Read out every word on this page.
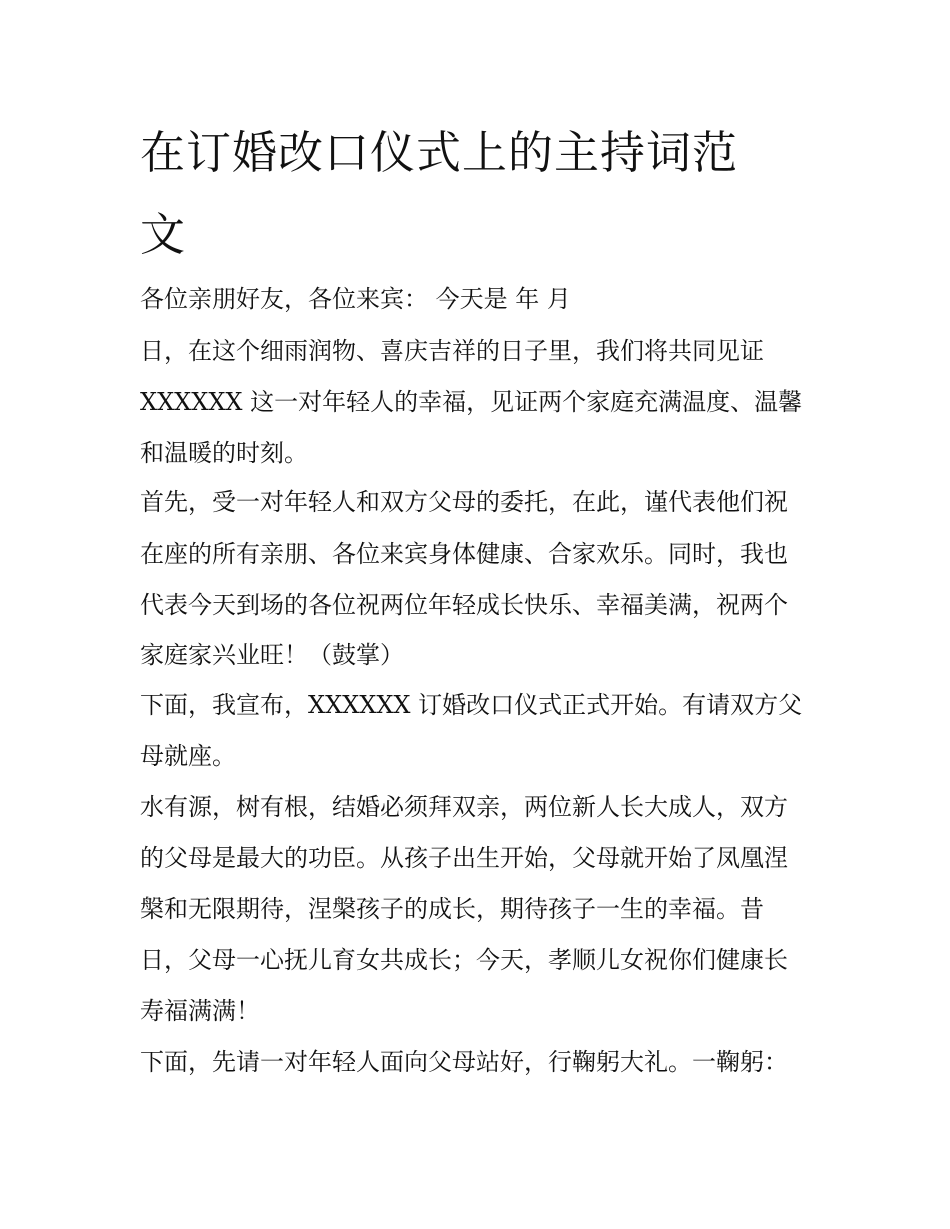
在订婚改口仪式上的主持词范
文

各位亲朋好友，各位来宾： 今天是 年 月

日，在这个细雨润物、喜庆吉祥的日子里，我们将共同见证

XXXXXX 这一对年轻人的幸福，见证两个家庭充满温度、温馨

和温暖的时刻。

首先，受一对年轻人和双方父母的委托，在此，谨代表他们祝

在座的所有亲朋、各位来宾身体健康、合家欢乐。同时，我也

代表今天到场的各位祝两位年轻成长快乐、幸福美满，祝两个

家庭家兴业旺！（鼓掌）

下面，我宣布，XXXXXX 订婚改口仪式正式开始。有请双方父

母就座。

水有源，树有根，结婚必须拜双亲，两位新人长大成人，双方

的父母是最大的功臣。从孩子出生开始，父母就开始了凤凰涅

槃和无限期待，涅槃孩子的成长，期待孩子一生的幸福。昔

日，父母一心抚儿育女共成长；今天，孝顺儿女祝你们健康长

寿福满满！

下面，先请一对年轻人面向父母站好，行鞠躬大礼。一鞠躬：
